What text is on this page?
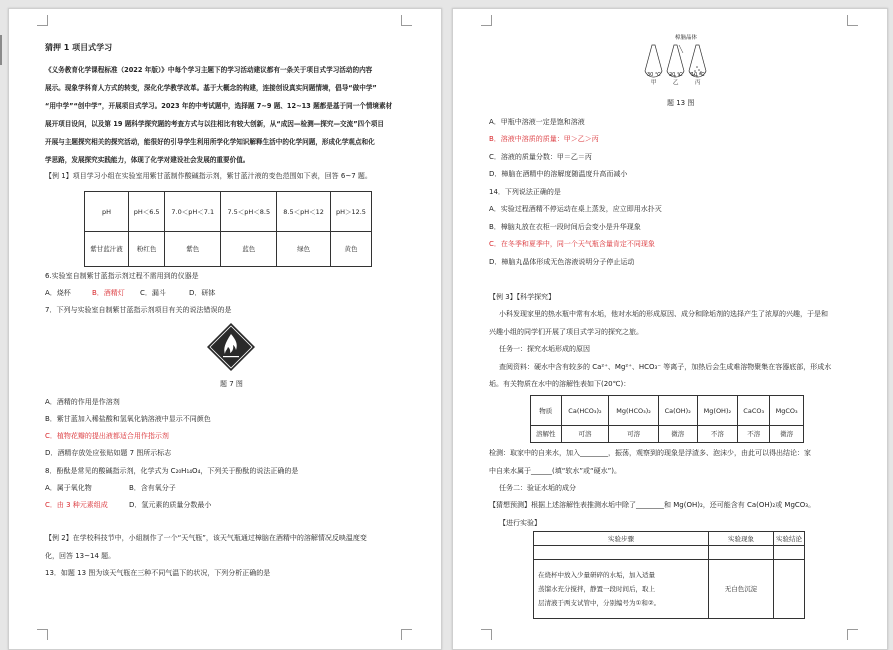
猜押 1 项目式学习
《义务教育化学课程标准（2022 年版）》中每个学习主题下的学习活动建议都有一条关于项目式学习活动的内容
展示。现象学科育人方式的转变，深化化学教学改革。基于大概念的构建，连接创设真实问题情境，倡导“做中学”
“用中学”“创中学”，开展项目式学习。2023 年的中考试题中，选择题 7~9 题、12~13 题都是基于同一个情境素材
展开项目设问，以及第 19 题科学探究题的考查方式与以往相比有较大创新，从“成因—检测—探究—交流”四个项目
开展与主题探究相关的探究活动，能很好的引导学生利用所学化学知识解释生活中的化学问题，形成化学观点和化
学思路，发展探究实践能力，体现了化学对建设社会发展的重要价值。
【例 1】项目学习小组在实验室用紫甘蓝制作酸碱指示剂，紫甘蓝汁液的变色范围如下表，回答 6~7 题。
pH	pH＜6.5	7.0＜pH＜7.1	7.5＜pH＜8.5	8.5＜pH＜12	pH＞12.5
紫甘蓝汁液	粉红色	紫色	蓝色	绿色	黄色
6.实验室自制紫甘蓝指示剂过程不需用到的仪器是
A．烧杯	B．酒精灯 C．漏斗	D．研钵
7．下列与实验室自制紫甘蓝指示剂项目有关的说法错误的是
题 7 图
A．酒精的作用是作溶剂
B．紫甘蓝加入稀盐酸和氢氧化钠溶液中显示不同颜色
C．植物花瓣的提出液都适合用作指示剂
D．酒精存放处应张贴如题 7 图所示标志
8．酚酞是常见的酸碱指示剂，化学式为 C₂₀H₁₄O₄，下列关于酚酞的说法正确的是
A．属于氧化物	B．含有氧分子
C．由 3 种元素组成	D．氢元素的质量分数最小
【例 2】在学校科技节中，小組制作了一个“天气瓶”，该天气瓶通过樟脑在酒精中的溶解情况反映温度变
化，回答 13~14 题。
13．如题 13 图为该天气瓶在三种不同气温下的状况，下列分析正确的是
樟脑晶体
30 ℃ 20 ℃ 10 ℃
甲	乙	丙
题 13 图
A．甲瓶中溶液一定是饱和溶液
B．溶液中溶质的质量：甲＞乙＞丙
C．溶液的质量分数：甲＝乙＝丙
D．樟脑在酒精中的溶解度随温度升高而减小
14．下列说法正确的是
A．实验过程酒精不停运动在桌上蒸发，应立即用水扑灭
B．樟脑丸放在衣柜一段时间后会变小是升华现象
C．在冬季和夏季中，同一个天气瓶含量肯定不同现象
D．樟脑丸晶体形成无色溶液说明分子停止运动
【例 3】【科学探究】
小科发现家里的热水瓶中常有水垢，他对水垢的形成原因、成分和除垢剂的选择产生了浓厚的兴趣，于是和
兴趣小组的同学们开展了项目式学习的探究之旅。
任务一：探究水垢形成的原因
查阅资料：硬水中含有较多的 Ca²⁺、Mg²⁺、HCO₃⁻ 等离子，加热后会生成难溶物聚集在容器底部，形成水
垢。有关物质在水中的溶解性表如下(20℃)：
物质	Ca(HCO₃)₂	Mg(HCO₃)₂	Ca(OH)₂	Mg(OH)₂	CaCO₃	MgCO₃
溶解性	可溶	可溶	微溶	不溶	不溶	微溶
检测：取家中的自来水，加入________，振荡，观察到的现象是浮渣多、泡沫少，由此可以得出结论：家
中自来水属于______(填“软水”或“硬水”)。
任务二：验证水垢的成分
【猜想预测】根据上述溶解性表推测水垢中除了________和 Mg(OH)₂，还可能含有 Ca(OH)₂或 MgCO₃。
【进行实验】
实验步骤	实验现象	实验结论

在烧杯中放入少量研碎的水垢，加入适量
蒸馏水充分搅拌，静置一段时间后，取上
层清液于两支试管中，分别编号为①和②。	无白色沉淀	
